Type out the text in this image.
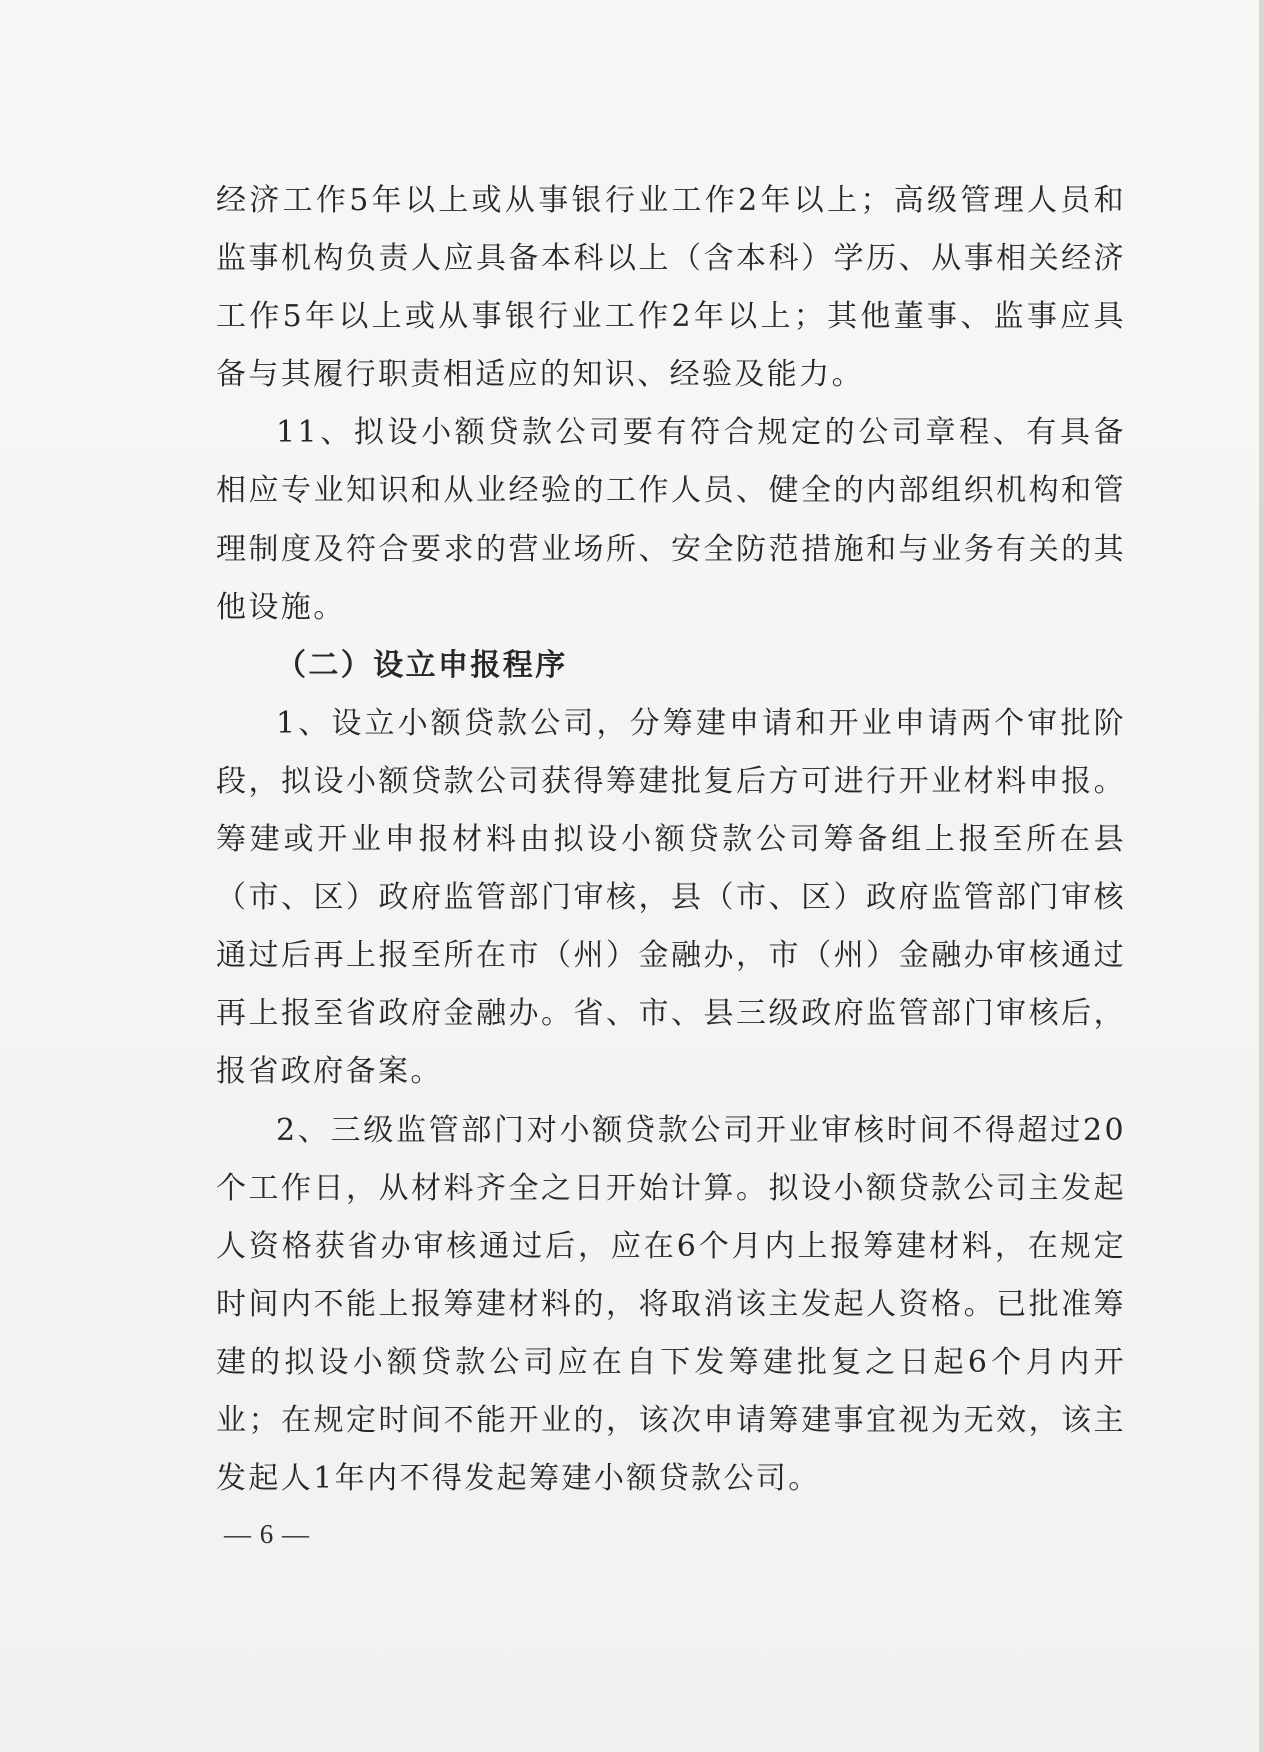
经济工作5年以上或从事银行业工作2年以上；高级管理人员和监事机构负责人应具备本科以上（含本科）学历、从事相关经济工作5年以上或从事银行业工作2年以上；其他董事、监事应具备与其履行职责相适应的知识、经验及能力。

11、拟设小额贷款公司要有符合规定的公司章程、有具备相应专业知识和从业经验的工作人员、健全的内部组织机构和管理制度及符合要求的营业场所、安全防范措施和与业务有关的其他设施。

（二）设立申报程序

1、设立小额贷款公司，分筹建申请和开业申请两个审批阶段，拟设小额贷款公司获得筹建批复后方可进行开业材料申报。筹建或开业申报材料由拟设小额贷款公司筹备组上报至所在县（市、区）政府监管部门审核，县（市、区）政府监管部门审核通过后再上报至所在市（州）金融办，市（州）金融办审核通过再上报至省政府金融办。省、市、县三级政府监管部门审核后，报省政府备案。

2、三级监管部门对小额贷款公司开业审核时间不得超过20个工作日，从材料齐全之日开始计算。拟设小额贷款公司主发起人资格获省办审核通过后，应在6个月内上报筹建材料，在规定时间内不能上报筹建材料的，将取消该主发起人资格。已批准筹建的拟设小额贷款公司应在自下发筹建批复之日起6个月内开业；在规定时间不能开业的，该次申请筹建事宜视为无效，该主发起人1年内不得发起筹建小额贷款公司。

— 6 —
